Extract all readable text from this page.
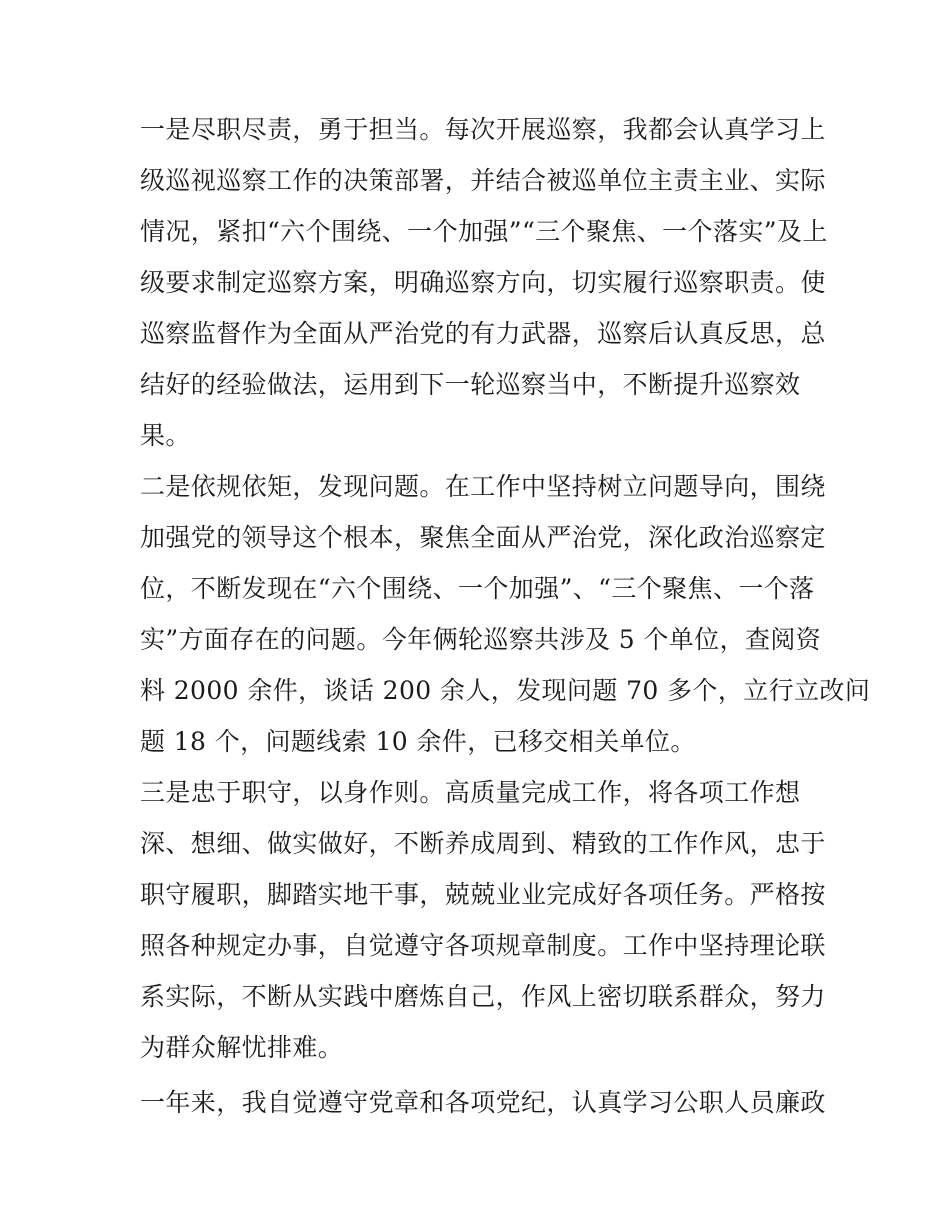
一是尽职尽责，勇于担当。每次开展巡察，我都会认真学习上
级巡视巡察工作的决策部署，并结合被巡单位主责主业、实际
情况，紧扣“六个围绕、一个加强”“三个聚焦、一个落实”及上
级要求制定巡察方案，明确巡察方向，切实履行巡察职责。使
巡察监督作为全面从严治党的有力武器，巡察后认真反思，总
结好的经验做法，运用到下一轮巡察当中，不断提升巡察效
果。
二是依规依矩，发现问题。在工作中坚持树立问题导向，围绕
加强党的领导这个根本，聚焦全面从严治党，深化政治巡察定
位，不断发现在“六个围绕、一个加强”、“三个聚焦、一个落
实”方面存在的问题。今年俩轮巡察共涉及 5 个单位，查阅资
料 2000 余件，谈话 200 余人，发现问题 70 多个，立行立改问
题 18 个，问题线索 10 余件，已移交相关单位。
三是忠于职守，以身作则。高质量完成工作，将各项工作想
深、想细、做实做好，不断养成周到、精致的工作作风，忠于
职守履职，脚踏实地干事，兢兢业业完成好各项任务。严格按
照各种规定办事，自觉遵守各项规章制度。工作中坚持理论联
系实际，不断从实践中磨炼自己，作风上密切联系群众，努力
为群众解忧排难。
一年来，我自觉遵守党章和各项党纪，认真学习公职人员廉政
